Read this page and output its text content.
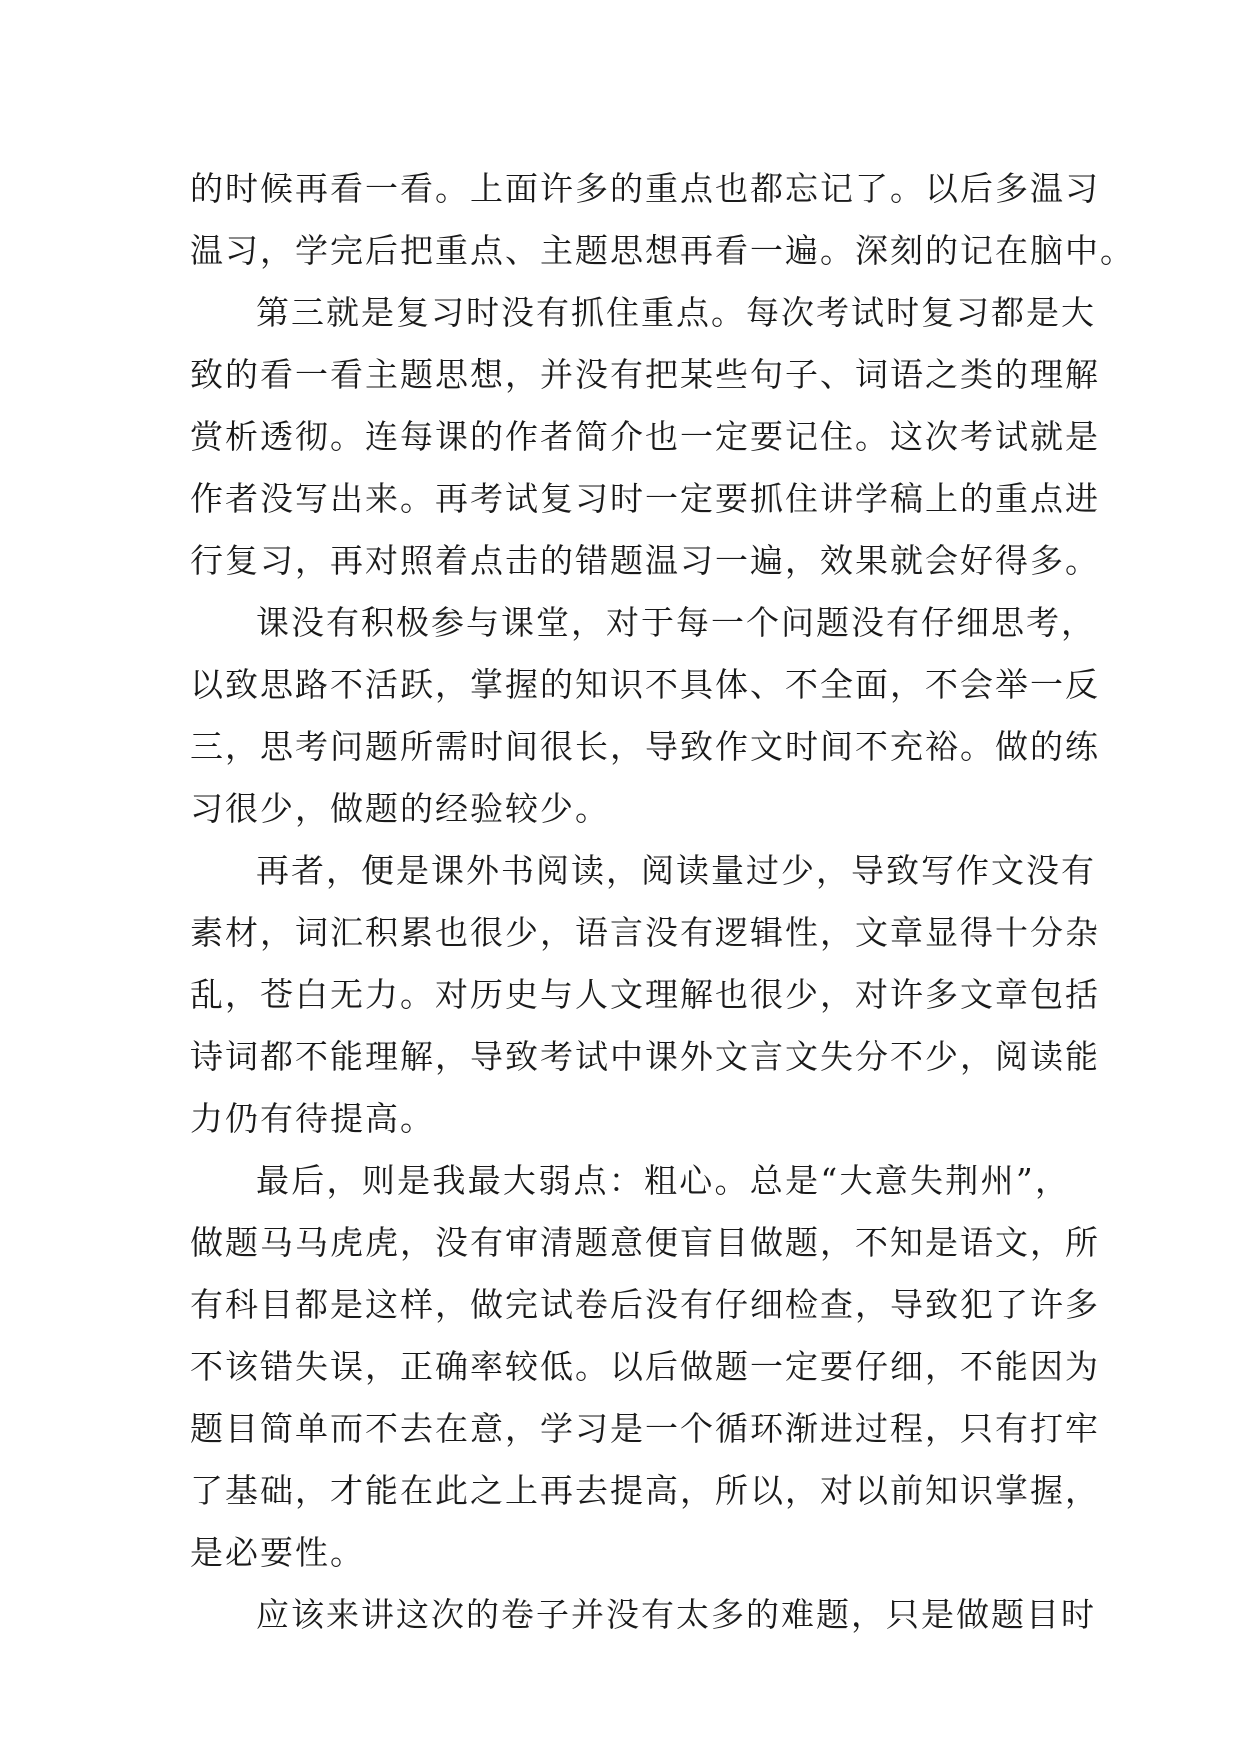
的时候再看一看。上面许多的重点也都忘记了。以后多温习
温习，学完后把重点、主题思想再看一遍。深刻的记在脑中。
第三就是复习时没有抓住重点。每次考试时复习都是大
致的看一看主题思想，并没有把某些句子、词语之类的理解
赏析透彻。连每课的作者简介也一定要记住。这次考试就是
作者没写出来。再考试复习时一定要抓住讲学稿上的重点进
行复习，再对照着点击的错题温习一遍，效果就会好得多。
课没有积极参与课堂，对于每一个问题没有仔细思考，
以致思路不活跃，掌握的知识不具体、不全面，不会举一反
三，思考问题所需时间很长，导致作文时间不充裕。做的练
习很少，做题的经验较少。
再者，便是课外书阅读，阅读量过少，导致写作文没有
素材，词汇积累也很少，语言没有逻辑性，文章显得十分杂
乱，苍白无力。对历史与人文理解也很少，对许多文章包括
诗词都不能理解，导致考试中课外文言文失分不少，阅读能
力仍有待提高。
最后，则是我最大弱点：粗心。总是“大意失荆州”，
做题马马虎虎，没有审清题意便盲目做题，不知是语文，所
有科目都是这样，做完试卷后没有仔细检查，导致犯了许多
不该错失误，正确率较低。以后做题一定要仔细，不能因为
题目简单而不去在意，学习是一个循环渐进过程，只有打牢
了基础，才能在此之上再去提高，所以，对以前知识掌握，
是必要性。
应该来讲这次的卷子并没有太多的难题，只是做题目时
